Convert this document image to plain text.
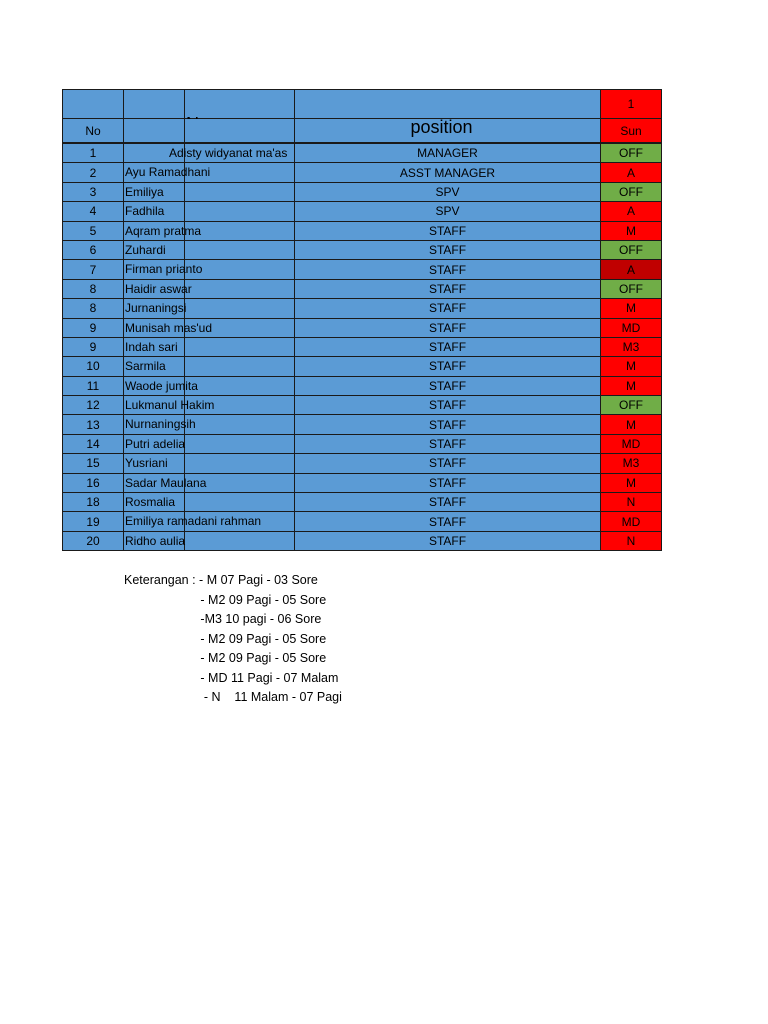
				1
No			position	Sun
1	Adisty widyanat ma'as		MANAGER	OFF
2	Ayu Ramadhani		ASST MANAGER	A
3	Emiliya		SPV	OFF
4	Fadhila		SPV	A
5	Aqram pratma		STAFF	M
6	Zuhardi		STAFF	OFF
7	Firman prianto		STAFF	A
8	Haidir aswar		STAFF	OFF
8	Jurnaningsi		STAFF	M
9	Munisah mas'ud		STAFF	MD
9	Indah sari		STAFF	M3
10	Sarmila		STAFF	M
11	Waode jumita		STAFF	M
12	Lukmanul Hakim		STAFF	OFF
13	Nurnaningsih		STAFF	M
14	Putri adelia		STAFF	MD
15	Yusriani		STAFF	M3
16	Sadar Maulana		STAFF	M
18	Rosmalia		STAFF	N
19	Emiliya ramadani rahman		STAFF	MD
20	Ridho aulia		STAFF	N
Keterangan : - M 07 Pagi - 03 Sore
- M2 09 Pagi - 05 Sore
-M3 10 pagi - 06 Sore
- M2 09 Pagi - 05 Sore
- M2 09 Pagi - 05 Sore
- MD 11 Pagi - 07 Malam
- N    11 Malam - 07 Pagi
